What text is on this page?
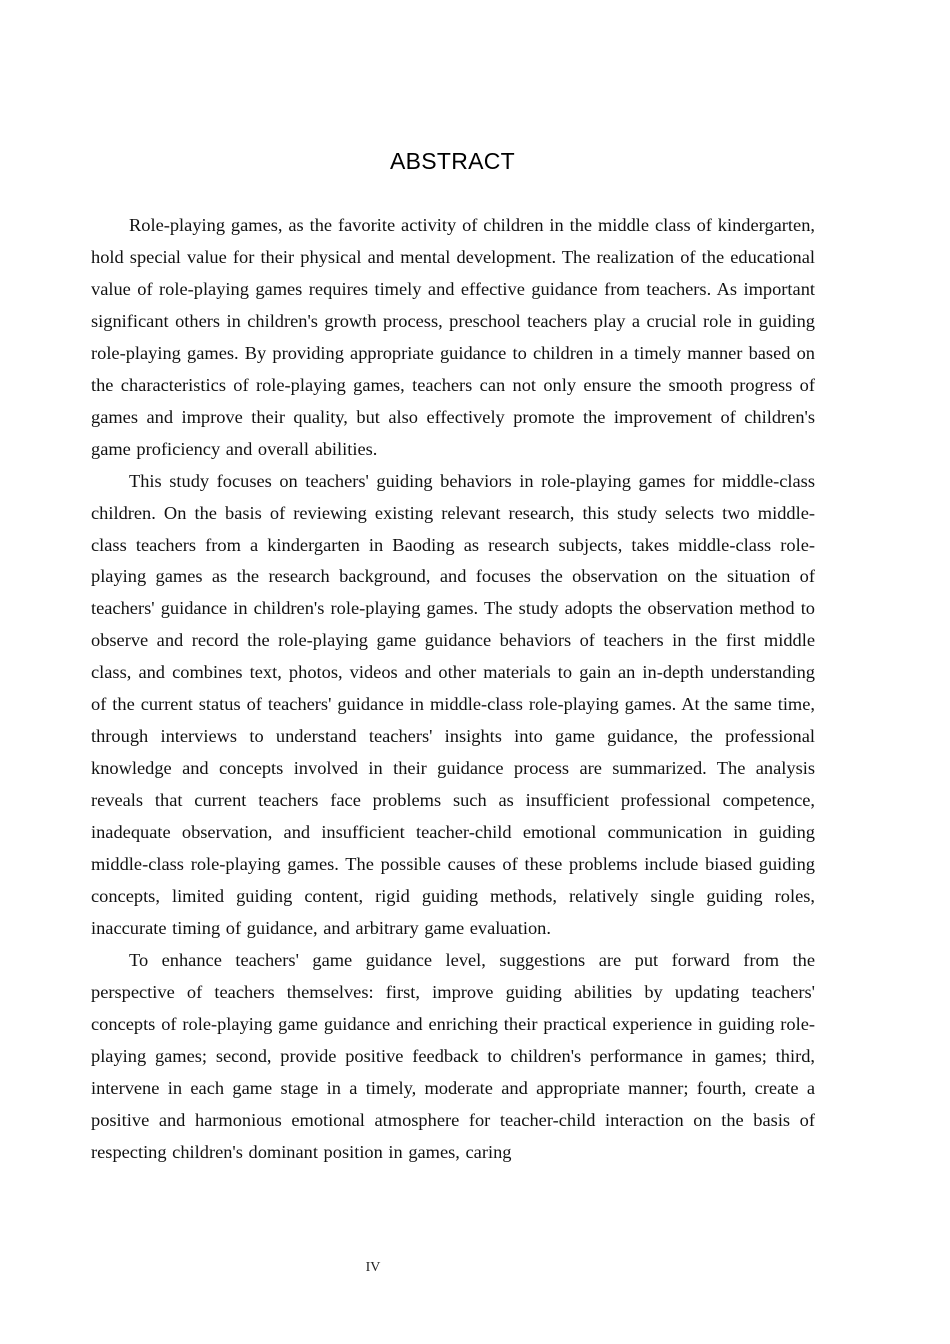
ABSTRACT

Role-playing games, as the favorite activity of children in the middle class of kindergarten, hold special value for their physical and mental development. The realization of the educational value of role-playing games requires timely and effective guidance from teachers. As important significant others in children's growth process, preschool teachers play a crucial role in guiding role-playing games. By providing appropriate guidance to children in a timely manner based on the characteristics of role-playing games, teachers can not only ensure the smooth progress of games and improve their quality, but also effectively promote the improvement of children's game proficiency and overall abilities.

This study focuses on teachers' guiding behaviors in role-playing games for middle-class children. On the basis of reviewing existing relevant research, this study selects two middle-class teachers from a kindergarten in Baoding as research subjects, takes middle-class role-playing games as the research background, and focuses the observation on the situation of teachers' guidance in children's role-playing games. The study adopts the observation method to observe and record the role-playing game guidance behaviors of teachers in the first middle class, and combines text, photos, videos and other materials to gain an in-depth understanding of the current status of teachers' guidance in middle-class role-playing games. At the same time, through interviews to understand teachers' insights into game guidance, the professional knowledge and concepts involved in their guidance process are summarized. The analysis reveals that current teachers face problems such as insufficient professional competence, inadequate observation, and insufficient teacher-child emotional communication in guiding middle-class role-playing games. The possible causes of these problems include biased guiding concepts, limited guiding content, rigid guiding methods, relatively single guiding roles, inaccurate timing of guidance, and arbitrary game evaluation.

To enhance teachers' game guidance level, suggestions are put forward from the perspective of teachers themselves: first, improve guiding abilities by updating teachers' concepts of role-playing game guidance and enriching their practical experience in guiding role-playing games; second, provide positive feedback to children's performance in games; third, intervene in each game stage in a timely, moderate and appropriate manner; fourth, create a positive and harmonious emotional atmosphere for teacher-child interaction on the basis of respecting children's dominant position in games, caring

IV
